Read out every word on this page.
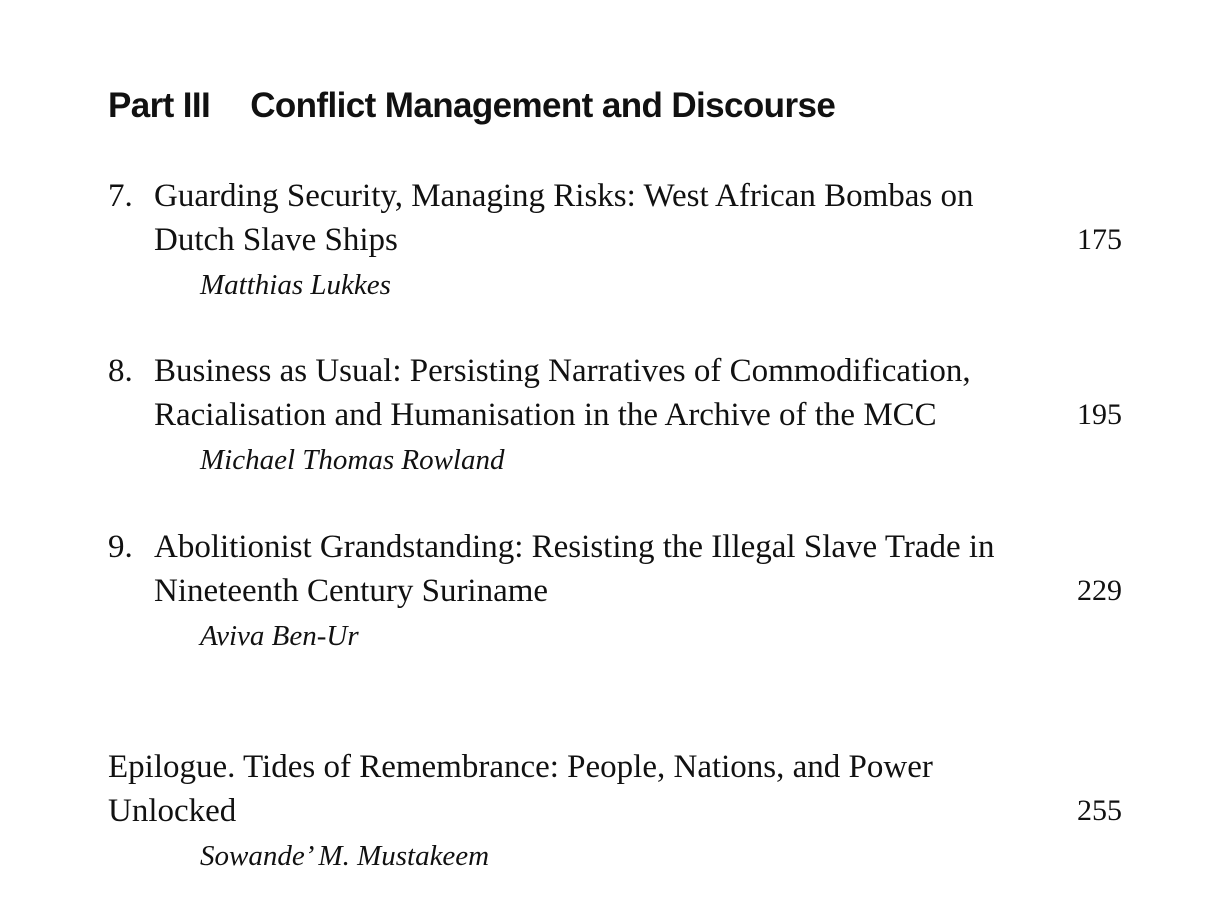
Part III Conflict Management and Discourse
7. Guarding Security, Managing Risks: West African Bombas on Dutch Slave Ships	175
Matthias Lukkes
8. Business as Usual: Persisting Narratives of Commodification, Racialisation and Humanisation in the Archive of the MCC	195
Michael Thomas Rowland
9. Abolitionist Grandstanding: Resisting the Illegal Slave Trade in Nineteenth Century Suriname	229
Aviva Ben-Ur
Epilogue. Tides of Remembrance: People, Nations, and Power Unlocked	255
Sowande’ M. Mustakeem
